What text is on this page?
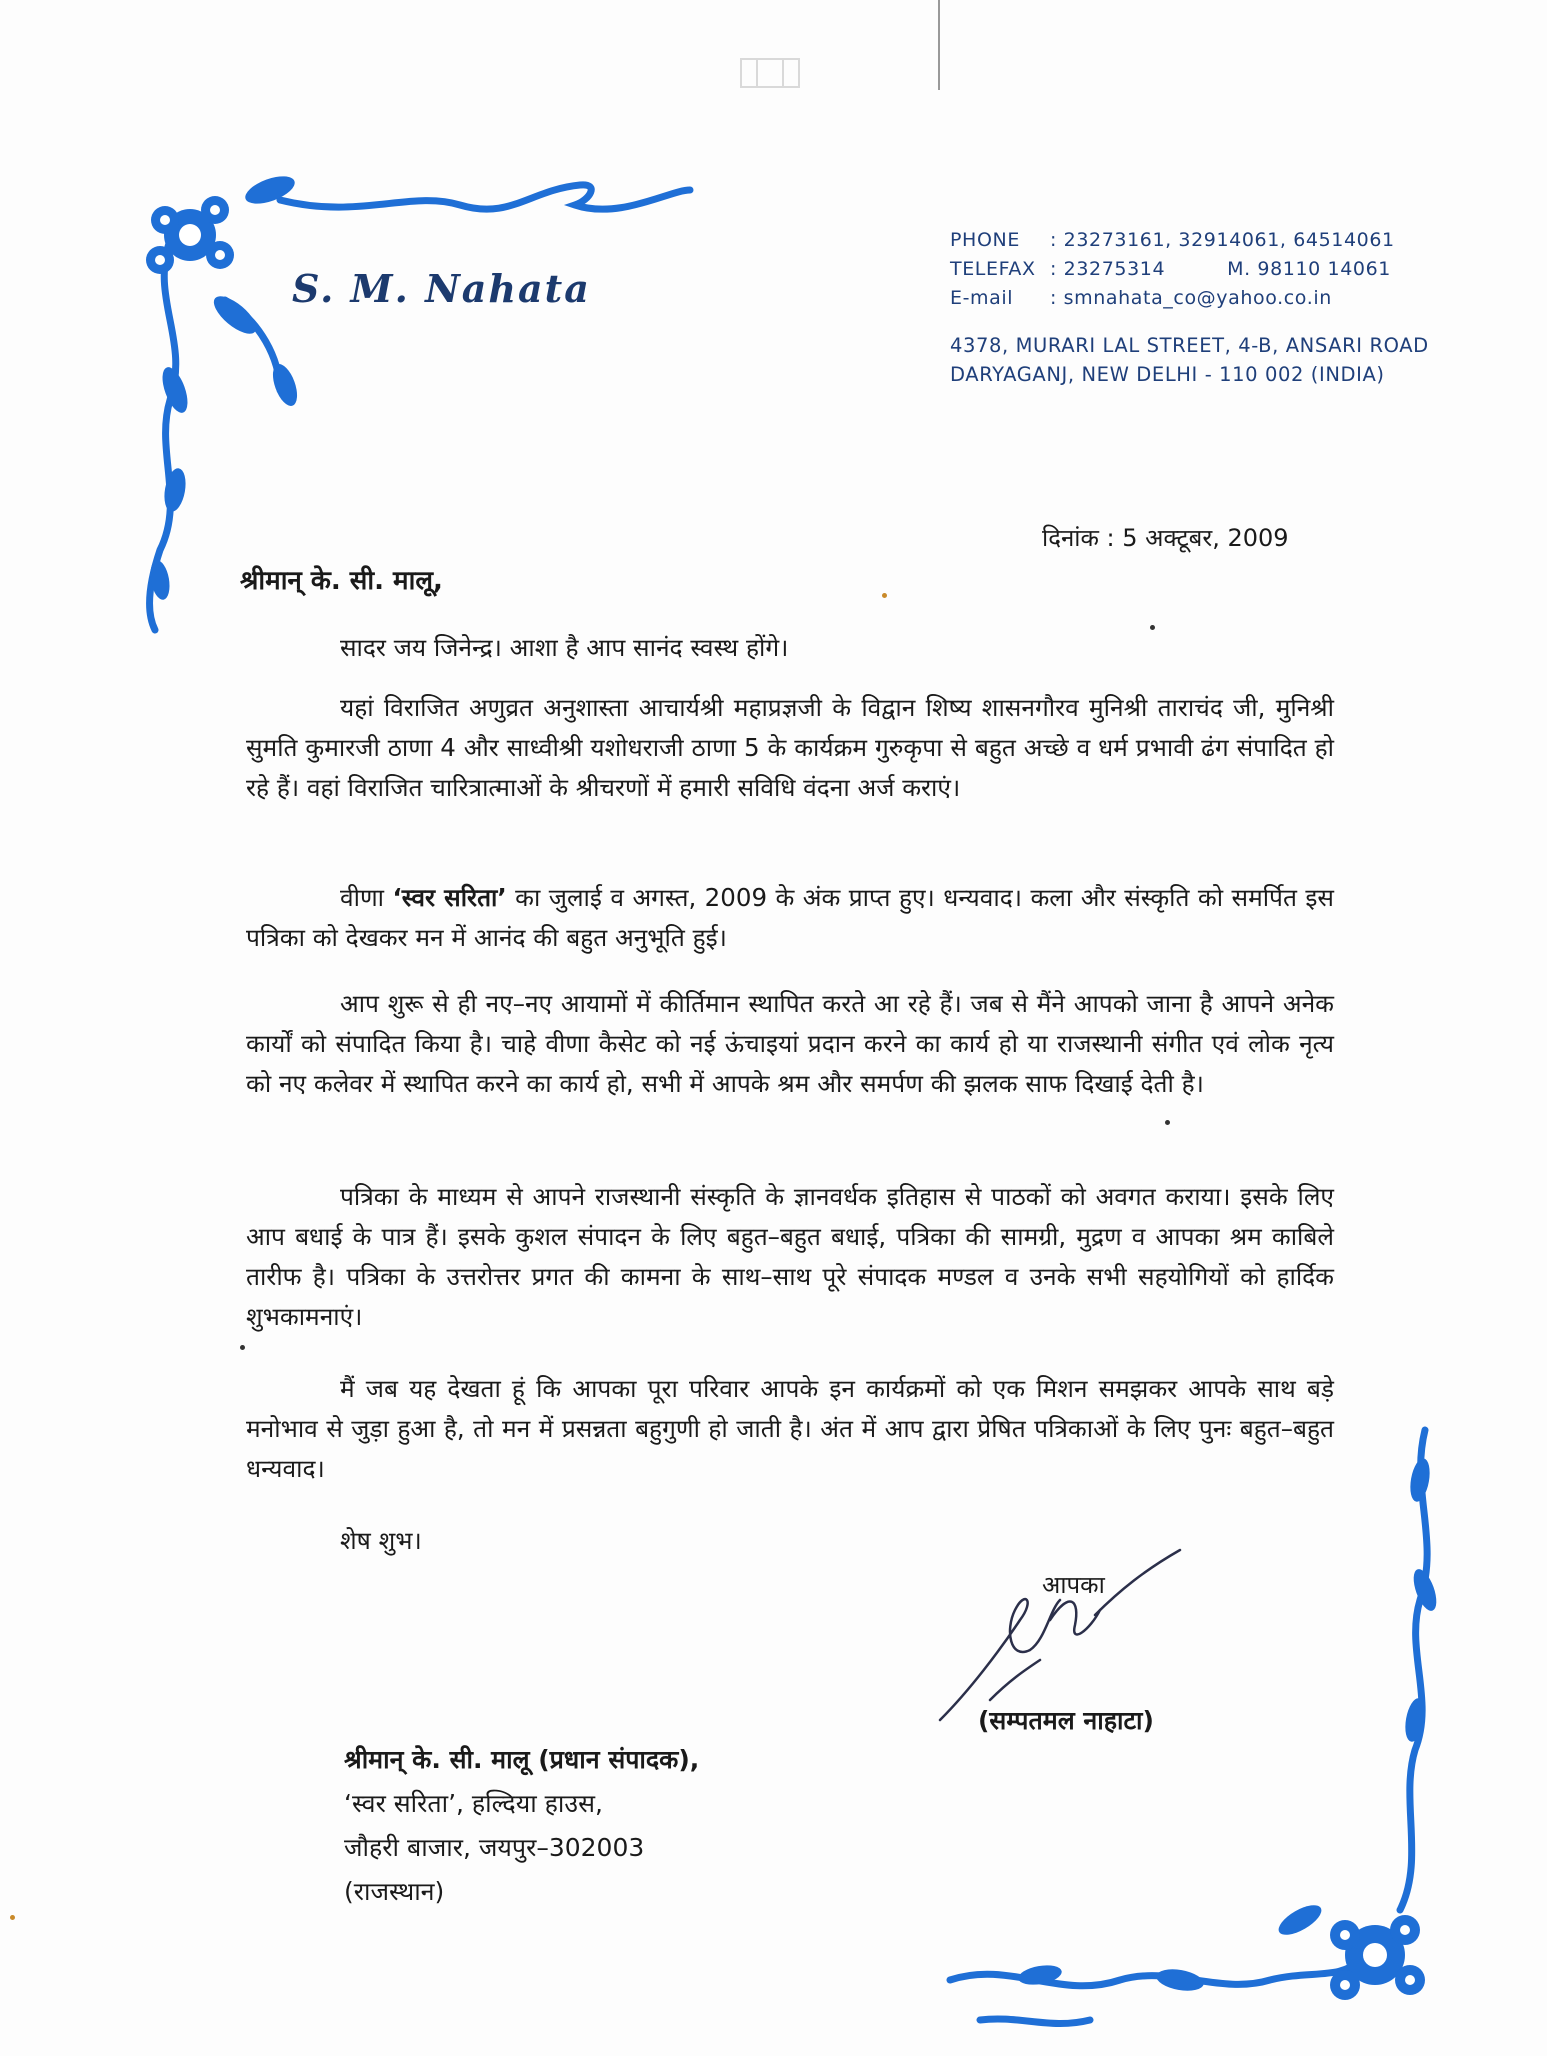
S. M. Nahata
PHONE : 23273161, 32914061, 64514061
TELEFAX : 23275314	M. 98110 14061
E-mail : smnahata_co@yahoo.co.in
4378, MURARI LAL STREET, 4-B, ANSARI ROAD
DARYAGANJ, NEW DELHI - 110 002 (INDIA)
दिनांक : 5 अक्टूबर, 2009
श्रीमान् के. सी. मालू,
सादर जय जिनेन्द्र। आशा है आप सानंद स्वस्थ होंगे।
यहां विराजित अणुव्रत अनुशास्ता आचार्यश्री महाप्रज्ञजी के विद्वान शिष्य शासनगौरव मुनिश्री ताराचंद जी, मुनिश्री सुमति कुमारजी ठाणा 4 और साध्वीश्री यशोधराजी ठाणा 5 के कार्यक्रम गुरुकृपा से बहुत अच्छे व धर्म प्रभावी ढंग संपादित हो रहे हैं। वहां विराजित चारित्रात्माओं के श्रीचरणों में हमारी सविधि वंदना अर्ज कराएं।
वीणा ‘स्वर सरिता’ का जुलाई व अगस्त, 2009 के अंक प्राप्त हुए। धन्यवाद। कला और संस्कृति को समर्पित इस पत्रिका को देखकर मन में आनंद की बहुत अनुभूति हुई।
आप शुरू से ही नए–नए आयामों में कीर्तिमान स्थापित करते आ रहे हैं। जब से मैंने आपको जाना है आपने अनेक कार्यों को संपादित किया है। चाहे वीणा कैसेट को नई ऊंचाइयां प्रदान करने का कार्य हो या राजस्थानी संगीत एवं लोक नृत्य को नए कलेवर में स्थापित करने का कार्य हो, सभी में आपके श्रम और समर्पण की झलक साफ दिखाई देती है।
पत्रिका के माध्यम से आपने राजस्थानी संस्कृति के ज्ञानवर्धक इतिहास से पाठकों को अवगत कराया। इसके लिए आप बधाई के पात्र हैं। इसके कुशल संपादन के लिए बहुत–बहुत बधाई, पत्रिका की सामग्री, मुद्रण व आपका श्रम काबिले तारीफ है। पत्रिका के उत्तरोत्तर प्रगत की कामना के साथ–साथ पूरे संपादक मण्डल व उनके सभी सहयोगियों को हार्दिक शुभकामनाएं।
मैं जब यह देखता हूं कि आपका पूरा परिवार आपके इन कार्यक्रमों को एक मिशन समझकर आपके साथ बड़े मनोभाव से जुड़ा हुआ है, तो मन में प्रसन्नता बहुगुणी हो जाती है। अंत में आप द्वारा प्रेषित पत्रिकाओं के लिए पुनः बहुत–बहुत धन्यवाद।
शेष शुभ।
आपका
(सम्पतमल नाहाटा)
श्रीमान् के. सी. मालू (प्रधान संपादक),
‘स्वर सरिता’, हल्दिया हाउस,
जौहरी बाजार, जयपुर–302003
(राजस्थान)
